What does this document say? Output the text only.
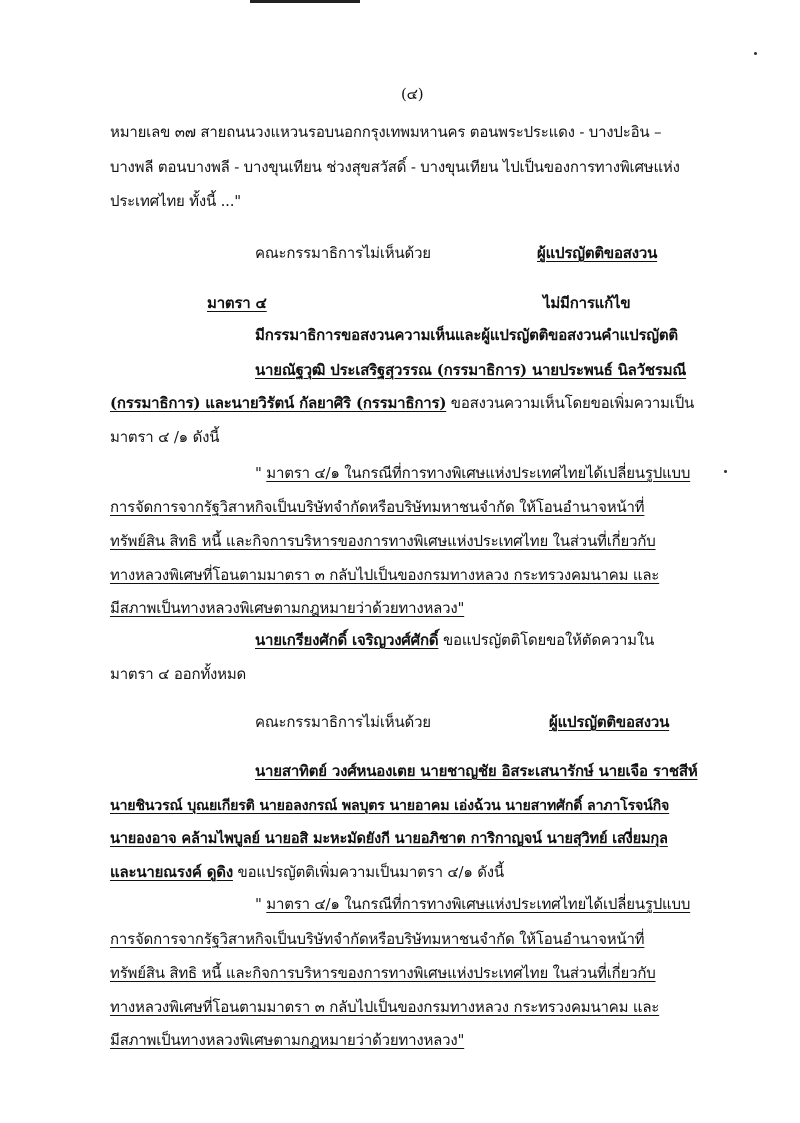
(๔)
หมายเลข ๓๗ สายถนนวงแหวนรอบนอกกรุงเทพมหานคร ตอนพระประแดง - บางปะอิน –
บางพลี ตอนบางพลี - บางขุนเทียน ช่วงสุขสวัสดิ์ - บางขุนเทียน ไปเป็นของการทางพิเศษแห่ง
ประเทศไทย ทั้งนี้ ..."
คณะกรรมาธิการไม่เห็นด้วย	ผู้แปรญัตติขอสงวน
มาตรา ๔	ไม่มีการแก้ไข
มีกรรมาธิการขอสงวนความเห็นและผู้แปรญัตติขอสงวนคำแปรญัตติ
นายณัฐวุฒิ ประเสริฐสุวรรณ (กรรมาธิการ) นายประพนธ์ นิลวัชรมณี
(กรรมาธิการ) และนายวิรัตน์ กัลยาศิริ (กรรมาธิการ) ขอสงวนความเห็นโดยขอเพิ่มความเป็น
มาตรา ๔ /๑ ดังนี้
" มาตรา ๔/๑ ในกรณีที่การทางพิเศษแห่งประเทศไทยได้เปลี่ยนรูปแบบ
การจัดการจากรัฐวิสาหกิจเป็นบริษัทจำกัดหรือบริษัทมหาชนจำกัด ให้โอนอำนาจหน้าที่
ทรัพย์สิน สิทธิ หนี้ และกิจการบริหารของการทางพิเศษแห่งประเทศไทย ในส่วนที่เกี่ยวกับ
ทางหลวงพิเศษที่โอนตามมาตรา ๓ กลับไปเป็นของกรมทางหลวง กระทรวงคมนาคม และ
มีสภาพเป็นทางหลวงพิเศษตามกฎหมายว่าด้วยทางหลวง"
นายเกรียงศักดิ์ เจริญวงศ์ศักดิ์ ขอแปรญัตติโดยขอให้ตัดความใน
มาตรา ๔ ออกทั้งหมด
คณะกรรมาธิการไม่เห็นด้วย	ผู้แปรญัตติขอสงวน
นายสาทิตย์ วงศ์หนองเตย นายชาญชัย อิสระเสนารักษ์ นายเจือ ราชสีห์
นายชินวรณ์ บุณยเกียรติ นายอลงกรณ์ พลบุตร นายอาคม เอ่งฉ้วน นายสาทศักดิ์ ลาภาโรจน์กิจ
นายองอาจ คล้ามไพบูลย์ นายอสิ มะหะมัดยังกี นายอภิชาต การิกาญจน์ นายสุวิทย์ เสงี่ยมกุล
และนายณรงค์ ดูดิง ขอแปรญัตติเพิ่มความเป็นมาตรา ๔/๑ ดังนี้
" มาตรา ๔/๑ ในกรณีที่การทางพิเศษแห่งประเทศไทยได้เปลี่ยนรูปแบบ
การจัดการจากรัฐวิสาหกิจเป็นบริษัทจำกัดหรือบริษัทมหาชนจำกัด ให้โอนอำนาจหน้าที่
ทรัพย์สิน สิทธิ หนี้ และกิจการบริหารของการทางพิเศษแห่งประเทศไทย ในส่วนที่เกี่ยวกับ
ทางหลวงพิเศษที่โอนตามมาตรา ๓ กลับไปเป็นของกรมทางหลวง กระทรวงคมนาคม และ
มีสภาพเป็นทางหลวงพิเศษตามกฎหมายว่าด้วยทางหลวง"
